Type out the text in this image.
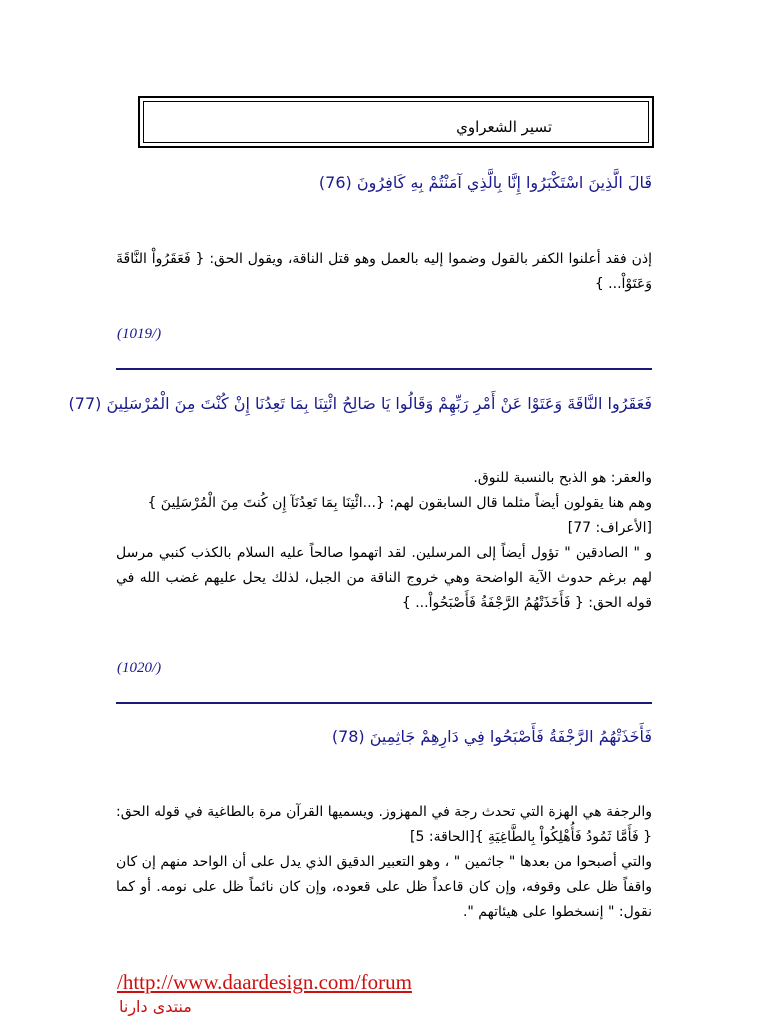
تسير الشعراوي
قَالَ الَّذِينَ اسْتَكْبَرُوا إِنَّا بِالَّذِي آمَنْتُمْ بِهِ كَافِرُونَ (76)

إذن فقد أعلنوا الكفر بالقول وضموا إليه بالعمل وهو قتل الناقة، ويقول الحق: { فَعَقَرُواْ النَّاقَةَ وَعَتَوْاْ... }

(1019/)
فَعَقَرُوا النَّاقَةَ وَعَتَوْا عَنْ أَمْرِ رَبِّهِمْ وَقَالُوا يَا صَالِحُ ائْتِنَا بِمَا تَعِدُنَا إِنْ كُنْتَ مِنَ الْمُرْسَلِينَ (77)

والعقر: هو الذبح بالنسبة للنوق.

وهم هنا يقولون أيضاً مثلما قال السابقون لهم: {...ائْتِنَا بِمَا تَعِدُنَآ إِن كُنتَ مِنَ الْمُرْسَلِينَ }

[الأعراف: 77]

و " الصادقين " تؤول أيضاً إلى المرسلين. لقد اتهموا صالحاً عليه السلام بالكذب كنبي مرسل لهم برغم حدوث الآية الواضحة وهي خروج الناقة من الجبل، لذلك يحل عليهم غضب الله في قوله الحق: { فَأَخَذَتْهُمُ الرَّجْفَةُ فَأَصْبَحُواْ... }

(1020/)
فَأَخَذَتْهُمُ الرَّجْفَةُ فَأَصْبَحُوا فِي دَارِهِمْ جَاثِمِينَ (78)

والرجفة هي الهزة التي تحدث رجة في المهزوز. ويسميها القرآن مرة بالطاغية في قوله الحق:{ فَأَمَّا ثَمُودُ فَأُهْلِكُواْ بِالطَّاغِيَةِ }[الحاقة: 5]

والتي أصبحوا من بعدها " جاثمين " ، وهو التعبير الدقيق الذي يدل على أن الواحد منهم إن كان واقفاً ظل على وقوفه، وإن كان قاعداً ظل على قعوده، وإن كان نائماً ظل على نومه. أو كما نقول: " إنسخطوا على هيئاتهم ".

/http://www.daardesign.com/forum
منتدى دارنا
